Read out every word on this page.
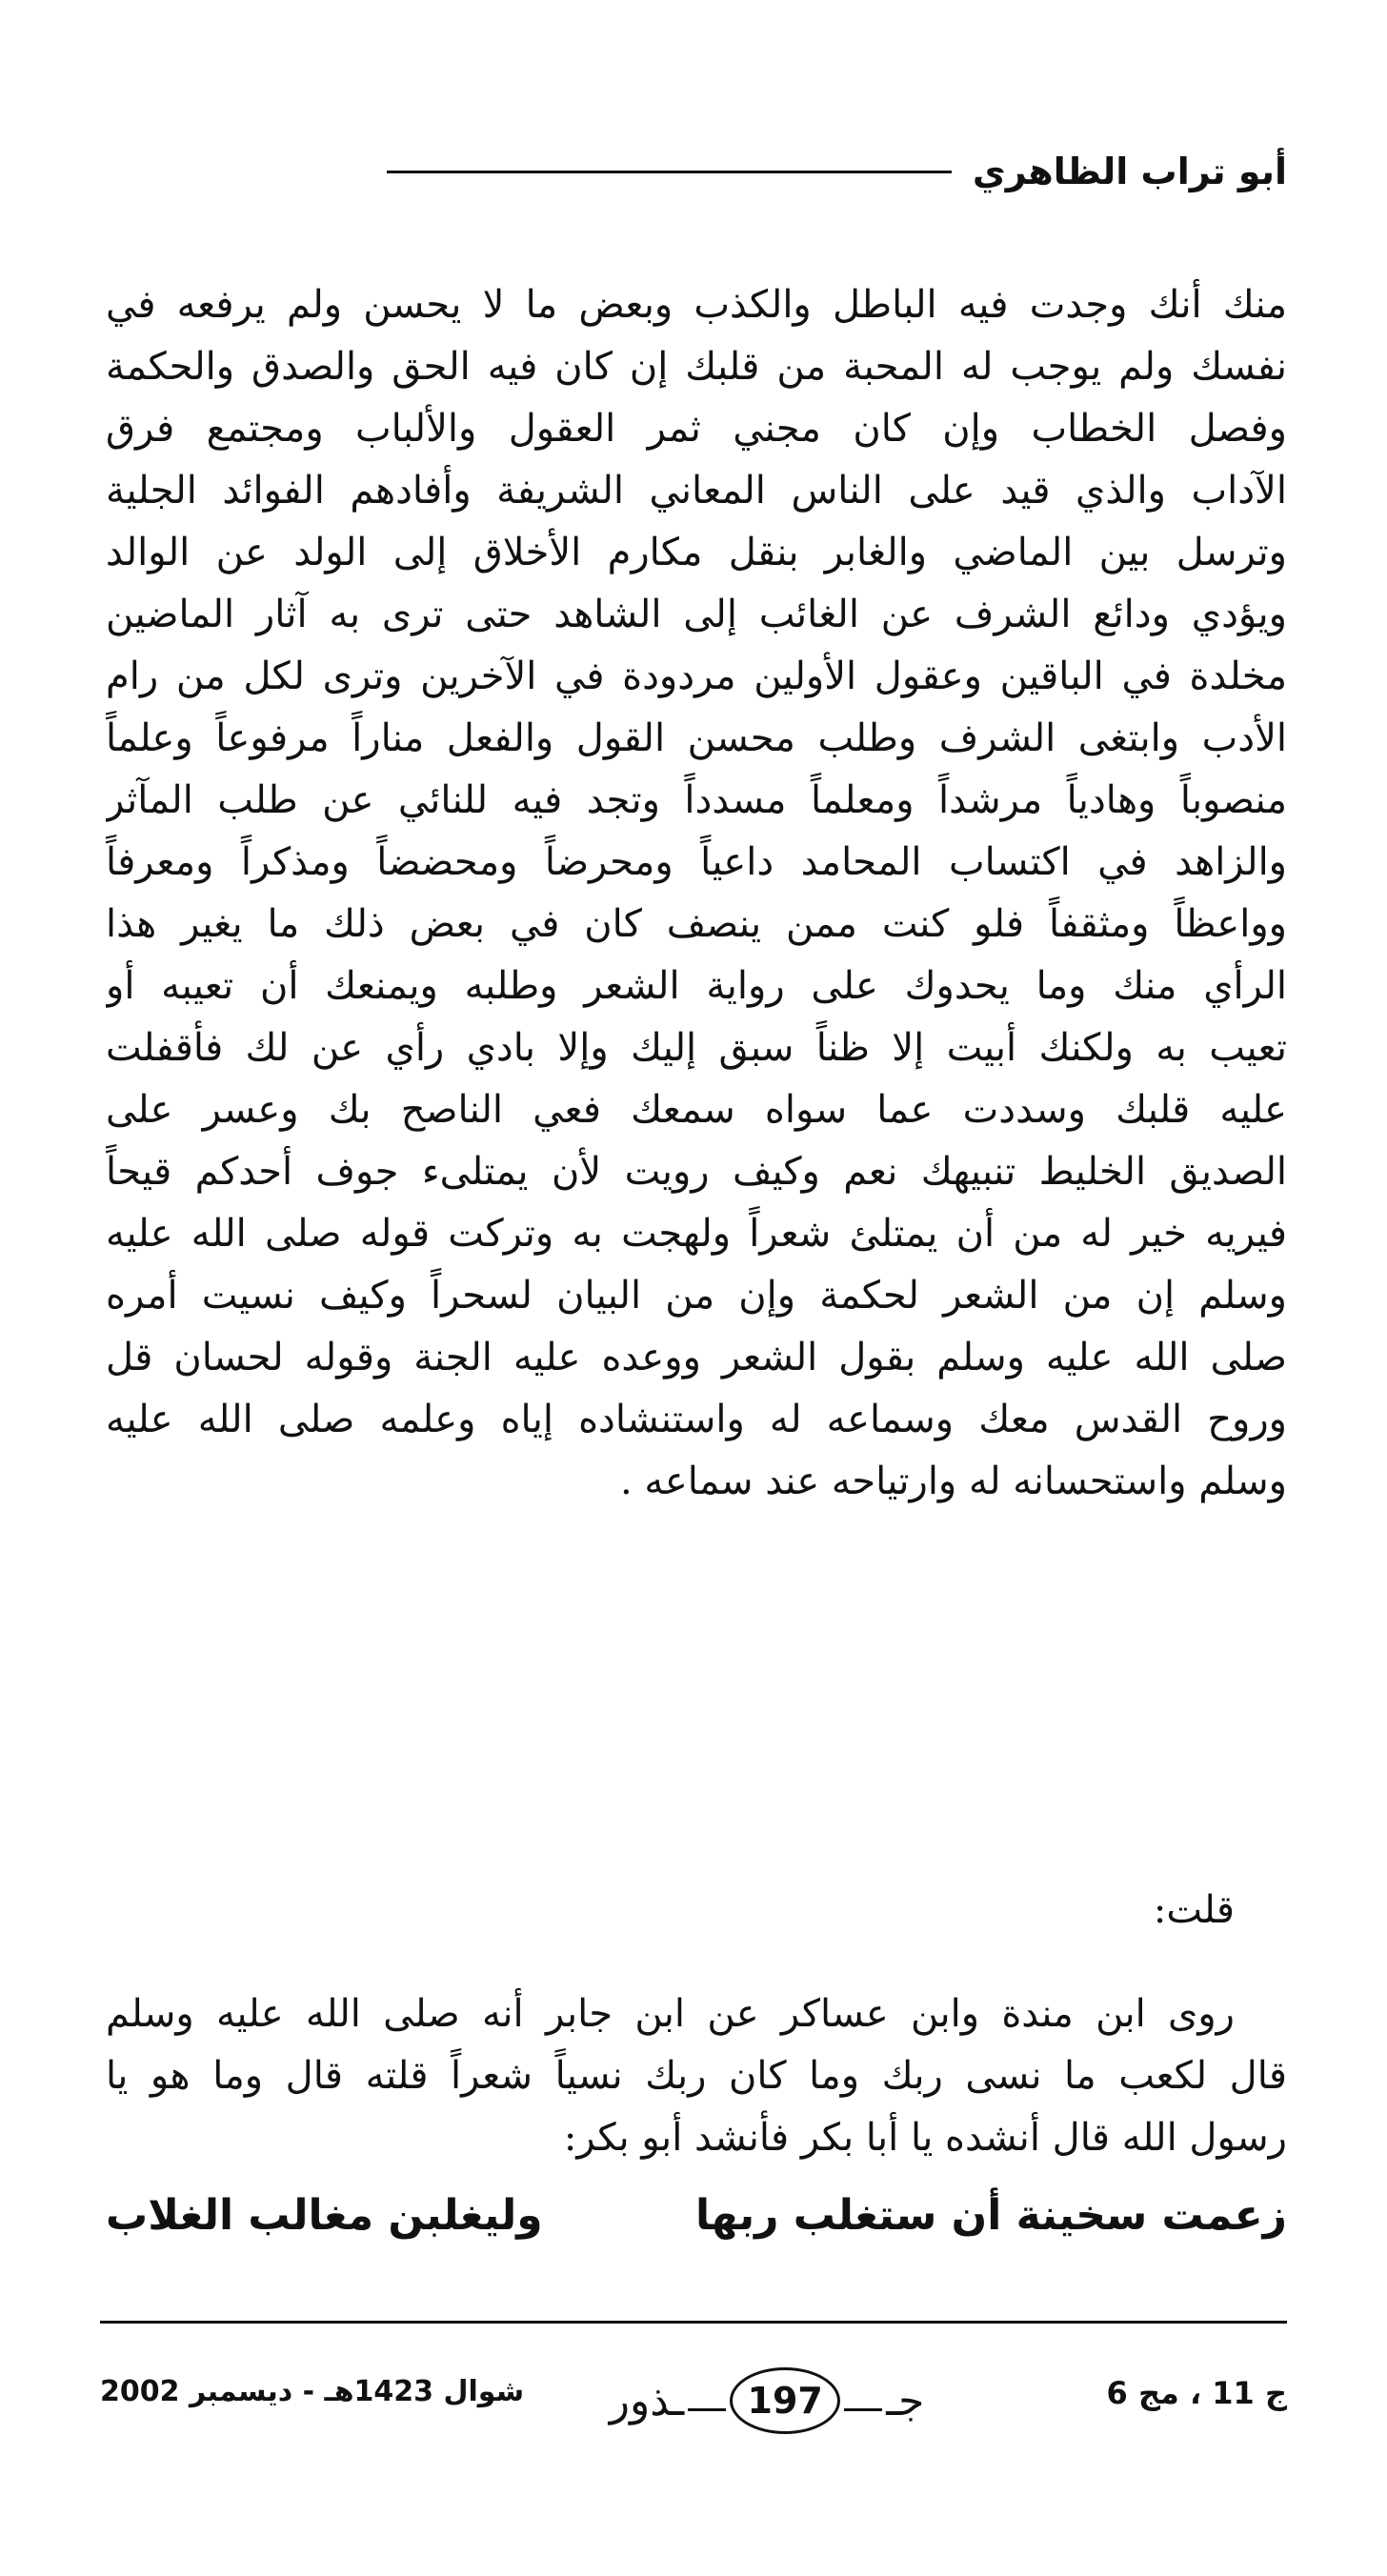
أبو تراب الظاهري
منك أنك وجدت فيه الباطل والكذب وبعض ما لا يحسن ولم يرفعه في
نفسك ولم يوجب له المحبة من قلبك إن كان فيه الحق والصدق والحكمة
وفصل الخطاب وإن كان مجني ثمر العقول والألباب ومجتمع فرق
الآداب والذي قيد على الناس المعاني الشريفة وأفادهم الفوائد الجلية
وترسل بين الماضي والغابر بنقل مكارم الأخلاق إلى الولد عن الوالد
ويؤدي ودائع الشرف عن الغائب إلى الشاهد حتى ترى به آثار الماضين
مخلدة في الباقين وعقول الأولين مردودة في الآخرين وترى لكل من رام
الأدب وابتغى الشرف وطلب محسن القول والفعل مناراً مرفوعاً وعلماً
منصوباً وهادياً مرشداً ومعلماً مسدداً وتجد فيه للنائي عن طلب المآثر
والزاهد في اكتساب المحامد داعياً ومحرضاً ومحضضاً ومذكراً ومعرفاً
وواعظاً ومثقفاً فلو كنت ممن ينصف كان في بعض ذلك ما يغير هذا
الرأي منك وما يحدوك على رواية الشعر وطلبه ويمنعك أن تعيبه أو
تعيب به ولكنك أبيت إلا ظناً سبق إليك وإلا بادي رأي عن لك فأقفلت
عليه قلبك وسددت عما سواه سمعك فعي الناصح بك وعسر على
الصديق الخليط تنبيهك نعم وكيف رويت لأن يمتلىء جوف أحدكم قيحاً
فيريه خير له من أن يمتلئ شعراً ولهجت به وتركت قوله صلى الله عليه
وسلم إن من الشعر لحكمة وإن من البيان لسحراً وكيف نسيت أمره
صلى الله عليه وسلم بقول الشعر ووعده عليه الجنة وقوله لحسان قل
وروح القدس معك وسماعه له واستنشاده إياه وعلمه صلى الله عليه
وسلم واستحسانه له وارتياحه عند سماعه .
قلت:
روى ابن مندة وابن عساكر عن ابن جابر أنه صلى الله عليه وسلم
قال لكعب ما نسى ربك وما كان ربك نسياً شعراً قلته قال وما هو يا
رسول الله قال أنشده يا أبا بكر فأنشد أبو بكر:
زعمت سخينة أن ستغلب ربها
وليغلبن مغالب الغلاب
ج 11 ، مج 6
جـ
197
ـذور
شوال 1423هـ - ديسمبر 2002
